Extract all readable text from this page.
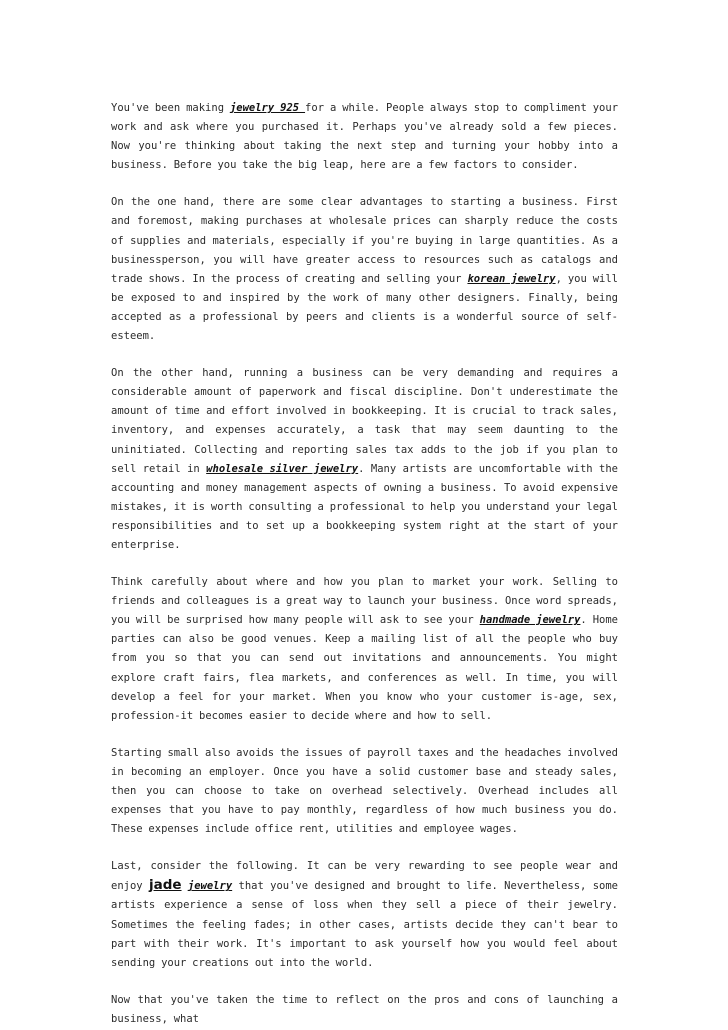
You've been making jewelry 925 for a while. People always stop to compliment your work and ask where you purchased it. Perhaps you've already sold a few pieces. Now you're thinking about taking the next step and turning your hobby into a business. Before you take the big leap, here are a few factors to consider.

On the one hand, there are some clear advantages to starting a business. First and foremost, making purchases at wholesale prices can sharply reduce the costs of supplies and materials, especially if you're buying in large quantities. As a businessperson, you will have greater access to resources such as catalogs and trade shows. In the process of creating and selling your korean jewelry, you will be exposed to and inspired by the work of many other designers. Finally, being accepted as a professional by peers and clients is a wonderful source of self-esteem.

On the other hand, running a business can be very demanding and requires a considerable amount of paperwork and fiscal discipline. Don't underestimate the amount of time and effort involved in bookkeeping. It is crucial to track sales, inventory, and expenses accurately, a task that may seem daunting to the uninitiated. Collecting and reporting sales tax adds to the job if you plan to sell retail in wholesale silver jewelry. Many artists are uncomfortable with the accounting and money management aspects of owning a business. To avoid expensive mistakes, it is worth consulting a professional to help you understand your legal responsibilities and to set up a bookkeeping system right at the start of your enterprise.

Think carefully about where and how you plan to market your work. Selling to friends and colleagues is a great way to launch your business. Once word spreads, you will be surprised how many people will ask to see your handmade jewelry. Home parties can also be good venues. Keep a mailing list of all the people who buy from you so that you can send out invitations and announcements. You might explore craft fairs, flea markets, and conferences as well. In time, you will develop a feel for your market. When you know who your customer is-age, sex, profession-it becomes easier to decide where and how to sell.

Starting small also avoids the issues of payroll taxes and the headaches involved in becoming an employer. Once you have a solid customer base and steady sales, then you can choose to take on overhead selectively. Overhead includes all expenses that you have to pay monthly, regardless of how much business you do. These expenses include office rent, utilities and employee wages.

Last, consider the following. It can be very rewarding to see people wear and enjoy jade jewelry that you've designed and brought to life. Nevertheless, some artists experience a sense of loss when they sell a piece of their jewelry. Sometimes the feeling fades; in other cases, artists decide they can't bear to part with their work. It's important to ask yourself how you would feel about sending your creations out into the world.

Now that you've taken the time to reflect on the pros and cons of launching a business, what
